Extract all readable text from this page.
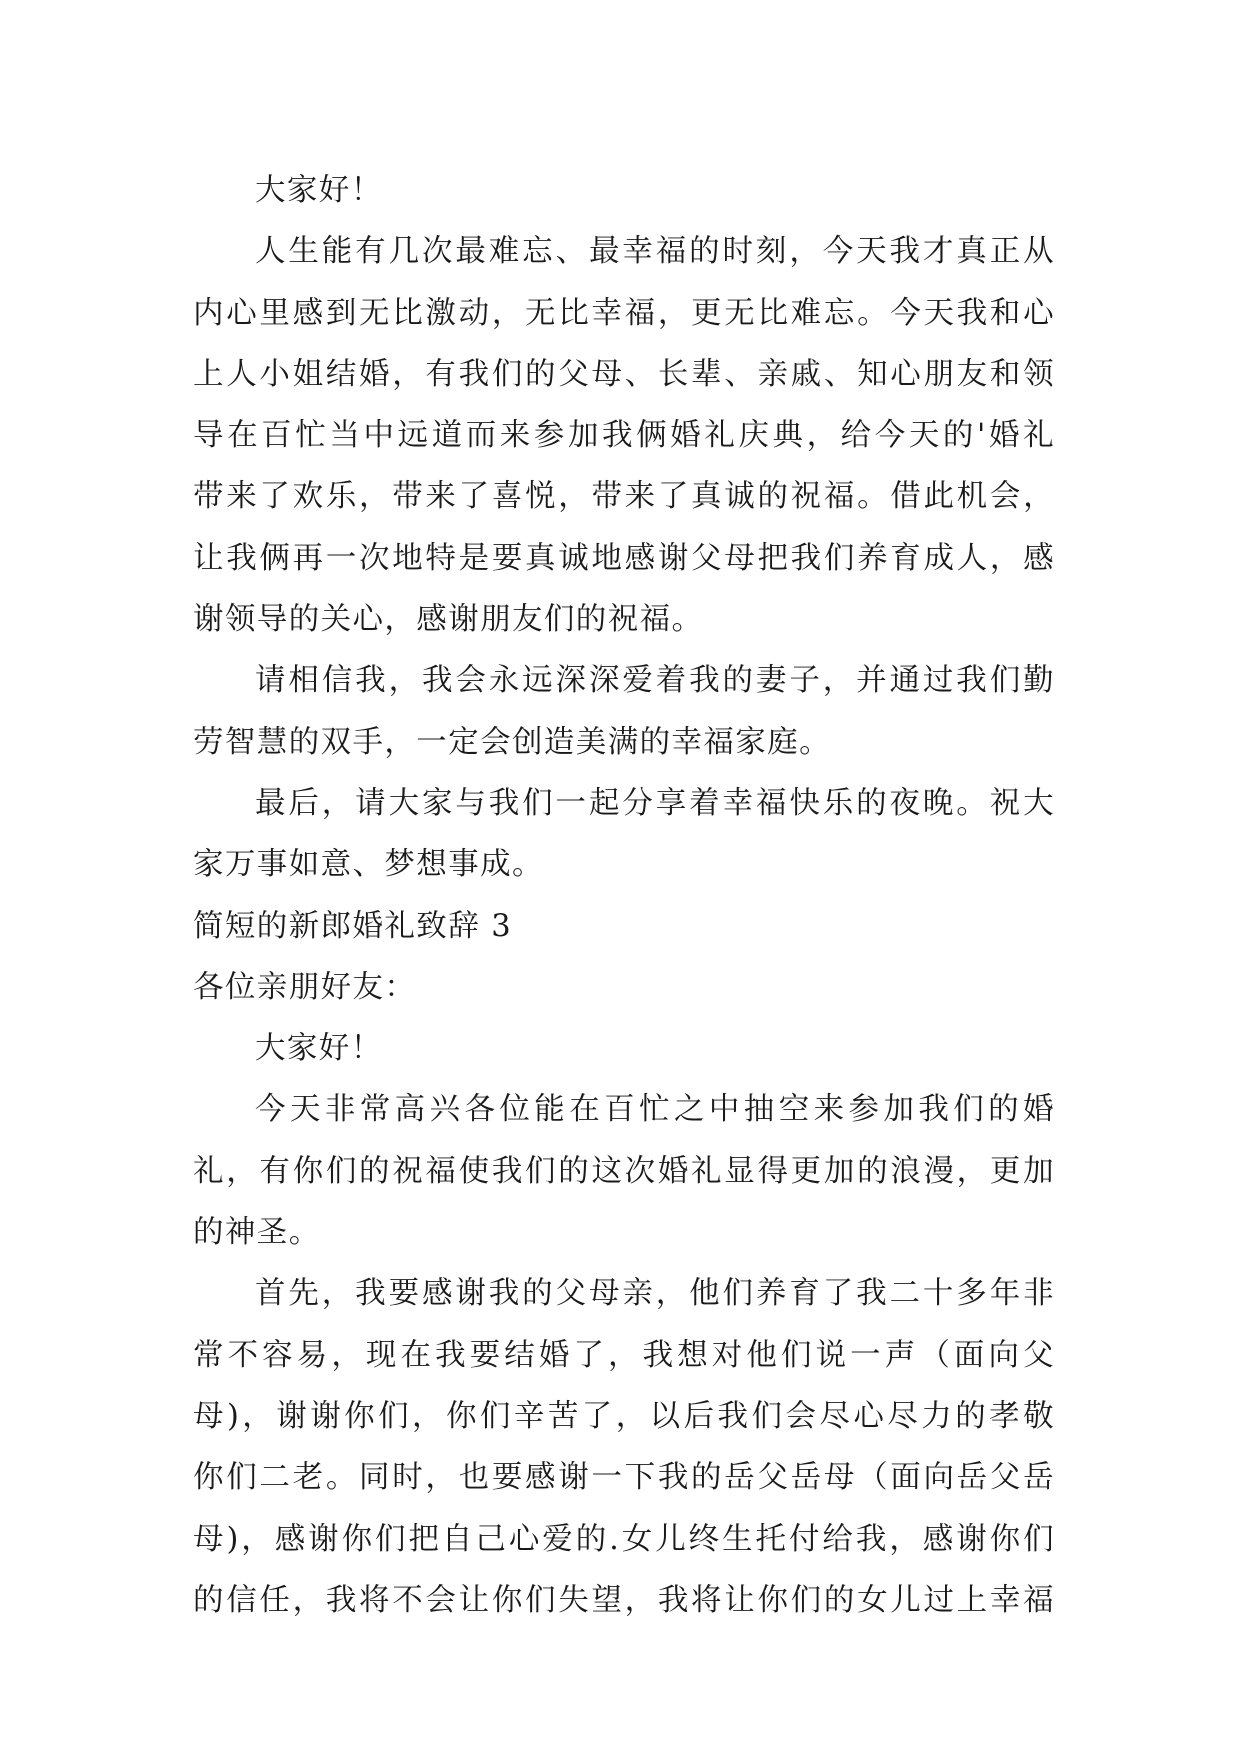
大家好！
人生能有几次最难忘、最幸福的时刻，今天我才真正从
内心里感到无比激动，无比幸福，更无比难忘。今天我和心
上人小姐结婚，有我们的父母、长辈、亲戚、知心朋友和领
导在百忙当中远道而来参加我俩婚礼庆典，给今天的'婚礼
带来了欢乐，带来了喜悦，带来了真诚的祝福。借此机会，
让我俩再一次地特是要真诚地感谢父母把我们养育成人，感
谢领导的关心，感谢朋友们的祝福。
请相信我，我会永远深深爱着我的妻子，并通过我们勤
劳智慧的双手，一定会创造美满的幸福家庭。
最后，请大家与我们一起分享着幸福快乐的夜晚。祝大
家万事如意、梦想事成。
简短的新郎婚礼致辞 3
各位亲朋好友：
大家好！
今天非常高兴各位能在百忙之中抽空来参加我们的婚
礼，有你们的祝福使我们的这次婚礼显得更加的浪漫，更加
的神圣。
首先，我要感谢我的父母亲，他们养育了我二十多年非
常不容易，现在我要结婚了，我想对他们说一声（面向父
母)，谢谢你们，你们辛苦了，以后我们会尽心尽力的孝敬
你们二老。同时，也要感谢一下我的岳父岳母（面向岳父岳
母)，感谢你们把自己心爱的.女儿终生托付给我，感谢你们
的信任，我将不会让你们失望，我将让你们的女儿过上幸福
